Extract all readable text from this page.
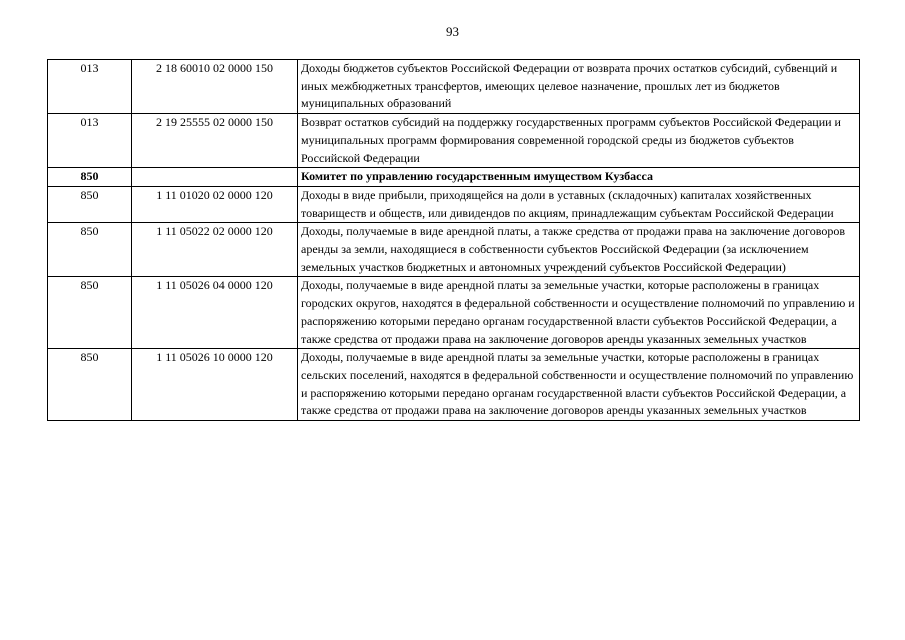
93
013	2 18 60010 02 0000 150	Доходы бюджетов субъектов Российской Федерации от возврата прочих остатков субсидий, субвенций и иных межбюджетных трансфертов, имеющих целевое назначение, прошлых лет из бюджетов муниципальных образований
013	2 19 25555 02 0000 150	Возврат остатков субсидий на поддержку государственных программ субъектов Российской Федерации и муниципальных программ формирования современной городской среды из бюджетов субъектов Российской Федерации
850		Комитет по управлению государственным имуществом Кузбасса
850	1 11 01020 02 0000 120	Доходы в виде прибыли, приходящейся на доли в уставных (складочных) капиталах хозяйственных товариществ и обществ, или дивидендов по акциям, принадлежащим субъектам Российской Федерации
850	1 11 05022 02 0000 120	Доходы, получаемые в виде арендной платы, а также средства от продажи права на заключение договоров аренды за земли, находящиеся в собственности субъектов Российской Федерации (за исключением земельных участков бюджетных и автономных учреждений субъектов Российской Федерации)
850	1 11 05026 04 0000 120	Доходы, получаемые в виде арендной платы за земельные участки, которые расположены в границах городских округов, находятся в федеральной собственности и осуществление полномочий по управлению и распоряжению которыми передано органам государственной власти субъектов Российской Федерации, а также средства от продажи права на заключение договоров аренды указанных земельных участков
850	1 11 05026 10 0000 120	Доходы, получаемые в виде арендной платы за земельные участки, которые расположены в границах сельских поселений, находятся в федеральной собственности и осуществление полномочий по управлению и распоряжению которыми передано органам государственной власти субъектов Российской Федерации, а также средства от продажи права на заключение договоров аренды указанных земельных участков
